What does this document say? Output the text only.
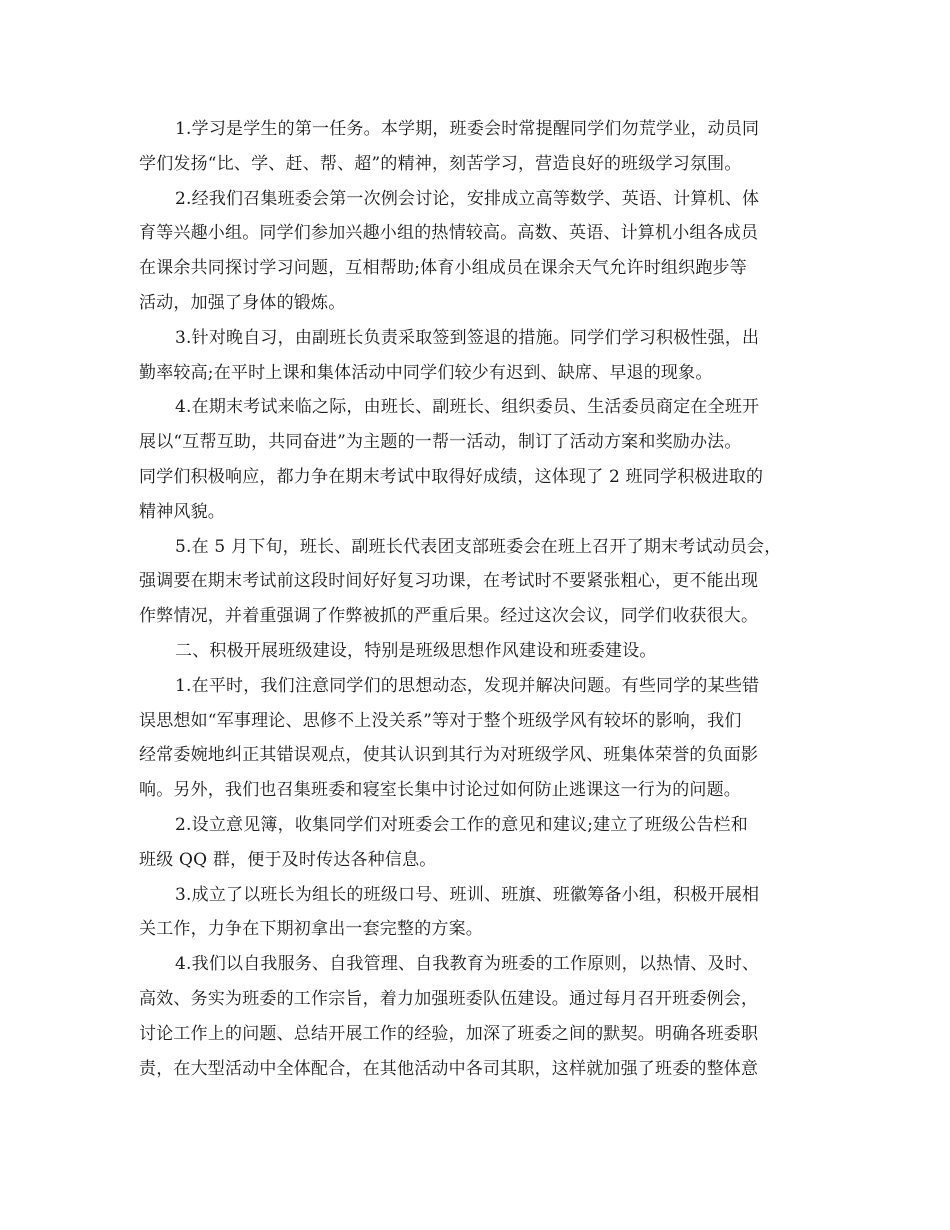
1.学习是学生的第一任务。本学期，班委会时常提醒同学们勿荒学业，动员同
学们发扬“比、学、赶、帮、超”的精神，刻苦学习，营造良好的班级学习氛围。
2.经我们召集班委会第一次例会讨论，安排成立高等数学、英语、计算机、体
育等兴趣小组。同学们参加兴趣小组的热情较高。高数、英语、计算机小组各成员
在课余共同探讨学习问题，互相帮助;体育小组成员在课余天气允许时组织跑步等
活动，加强了身体的锻炼。
3.针对晚自习，由副班长负责采取签到签退的措施。同学们学习积极性强，出
勤率较高;在平时上课和集体活动中同学们较少有迟到、缺席、早退的现象。
4.在期末考试来临之际，由班长、副班长、组织委员、生活委员商定在全班开
展以“互帮互助，共同奋进”为主题的一帮一活动，制订了活动方案和奖励办法。
同学们积极响应，都力争在期末考试中取得好成绩，这体现了 2 班同学积极进取的
精神风貌。
5.在 5 月下旬，班长、副班长代表团支部班委会在班上召开了期末考试动员会，
强调要在期末考试前这段时间好好复习功课，在考试时不要紧张粗心，更不能出现
作弊情况，并着重强调了作弊被抓的严重后果。经过这次会议，同学们收获很大。
二、积极开展班级建设，特别是班级思想作风建设和班委建设。
1.在平时，我们注意同学们的思想动态，发现并解决问题。有些同学的某些错
误思想如“军事理论、思修不上没关系”等对于整个班级学风有较坏的影响，我们
经常委婉地纠正其错误观点，使其认识到其行为对班级学风、班集体荣誉的负面影
响。另外，我们也召集班委和寝室长集中讨论过如何防止逃课这一行为的问题。
2.设立意见簿，收集同学们对班委会工作的意见和建议;建立了班级公告栏和
班级 QQ 群，便于及时传达各种信息。
3.成立了以班长为组长的班级口号、班训、班旗、班徽筹备小组，积极开展相
关工作，力争在下期初拿出一套完整的方案。
4.我们以自我服务、自我管理、自我教育为班委的工作原则，以热情、及时、
高效、务实为班委的工作宗旨，着力加强班委队伍建设。通过每月召开班委例会，
讨论工作上的问题、总结开展工作的经验，加深了班委之间的默契。明确各班委职
责，在大型活动中全体配合，在其他活动中各司其职，这样就加强了班委的整体意
